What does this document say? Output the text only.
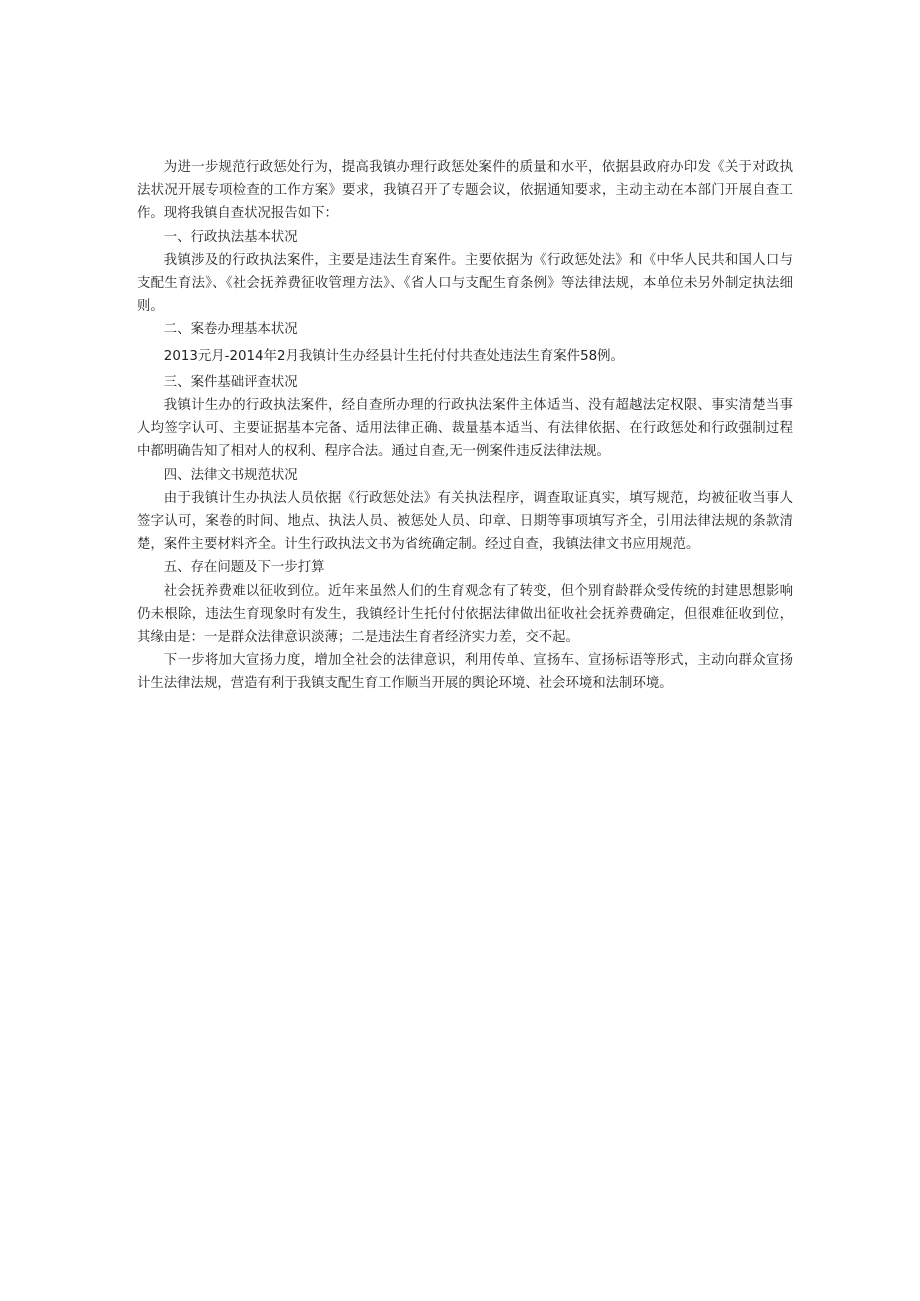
为进一步规范行政惩处行为，提高我镇办理行政惩处案件的质量和水平，依据县政府办印发《关于对政执法状况开展专项检查的工作方案》要求，我镇召开了专题会议，依据通知要求，主动主动在本部门开展自查工作。现将我镇自查状况报告如下：

一、行政执法基本状况

我镇涉及的行政执法案件，主要是违法生育案件。主要依据为《行政惩处法》和《中华人民共和国人口与支配生育法》、《社会抚养费征收管理方法》、《省人口与支配生育条例》等法律法规，本单位未另外制定执法细则。

二、案卷办理基本状况

2013元月-2014年2月我镇计生办经县计生托付付共查处违法生育案件58例。

三、案件基础评查状况

我镇计生办的行政执法案件，经自查所办理的行政执法案件主体适当、没有超越法定权限、事实清楚当事人均签字认可、主要证据基本完备、适用法律正确、裁量基本适当、有法律依据、在行政惩处和行政强制过程中都明确告知了相对人的权利、程序合法。通过自查,无一例案件违反法律法规。

四、法律文书规范状况

由于我镇计生办执法人员依据《行政惩处法》有关执法程序，调查取证真实，填写规范，均被征收当事人签字认可，案卷的时间、地点、执法人员、被惩处人员、印章、日期等事项填写齐全，引用法律法规的条款清楚，案件主要材料齐全。计生行政执法文书为省统确定制。经过自查，我镇法律文书应用规范。

五、存在问题及下一步打算

社会抚养费难以征收到位。近年来虽然人们的生育观念有了转变，但个别育龄群众受传统的封建思想影响仍未根除，违法生育现象时有发生，我镇经计生托付付依据法律做出征收社会抚养费确定，但很难征收到位，其缘由是：一是群众法律意识淡薄；二是违法生育者经济实力差，交不起。

下一步将加大宣扬力度，增加全社会的法律意识，利用传单、宣扬车、宣扬标语等形式，主动向群众宣扬计生法律法规，营造有利于我镇支配生育工作顺当开展的舆论环境、社会环境和法制环境。
